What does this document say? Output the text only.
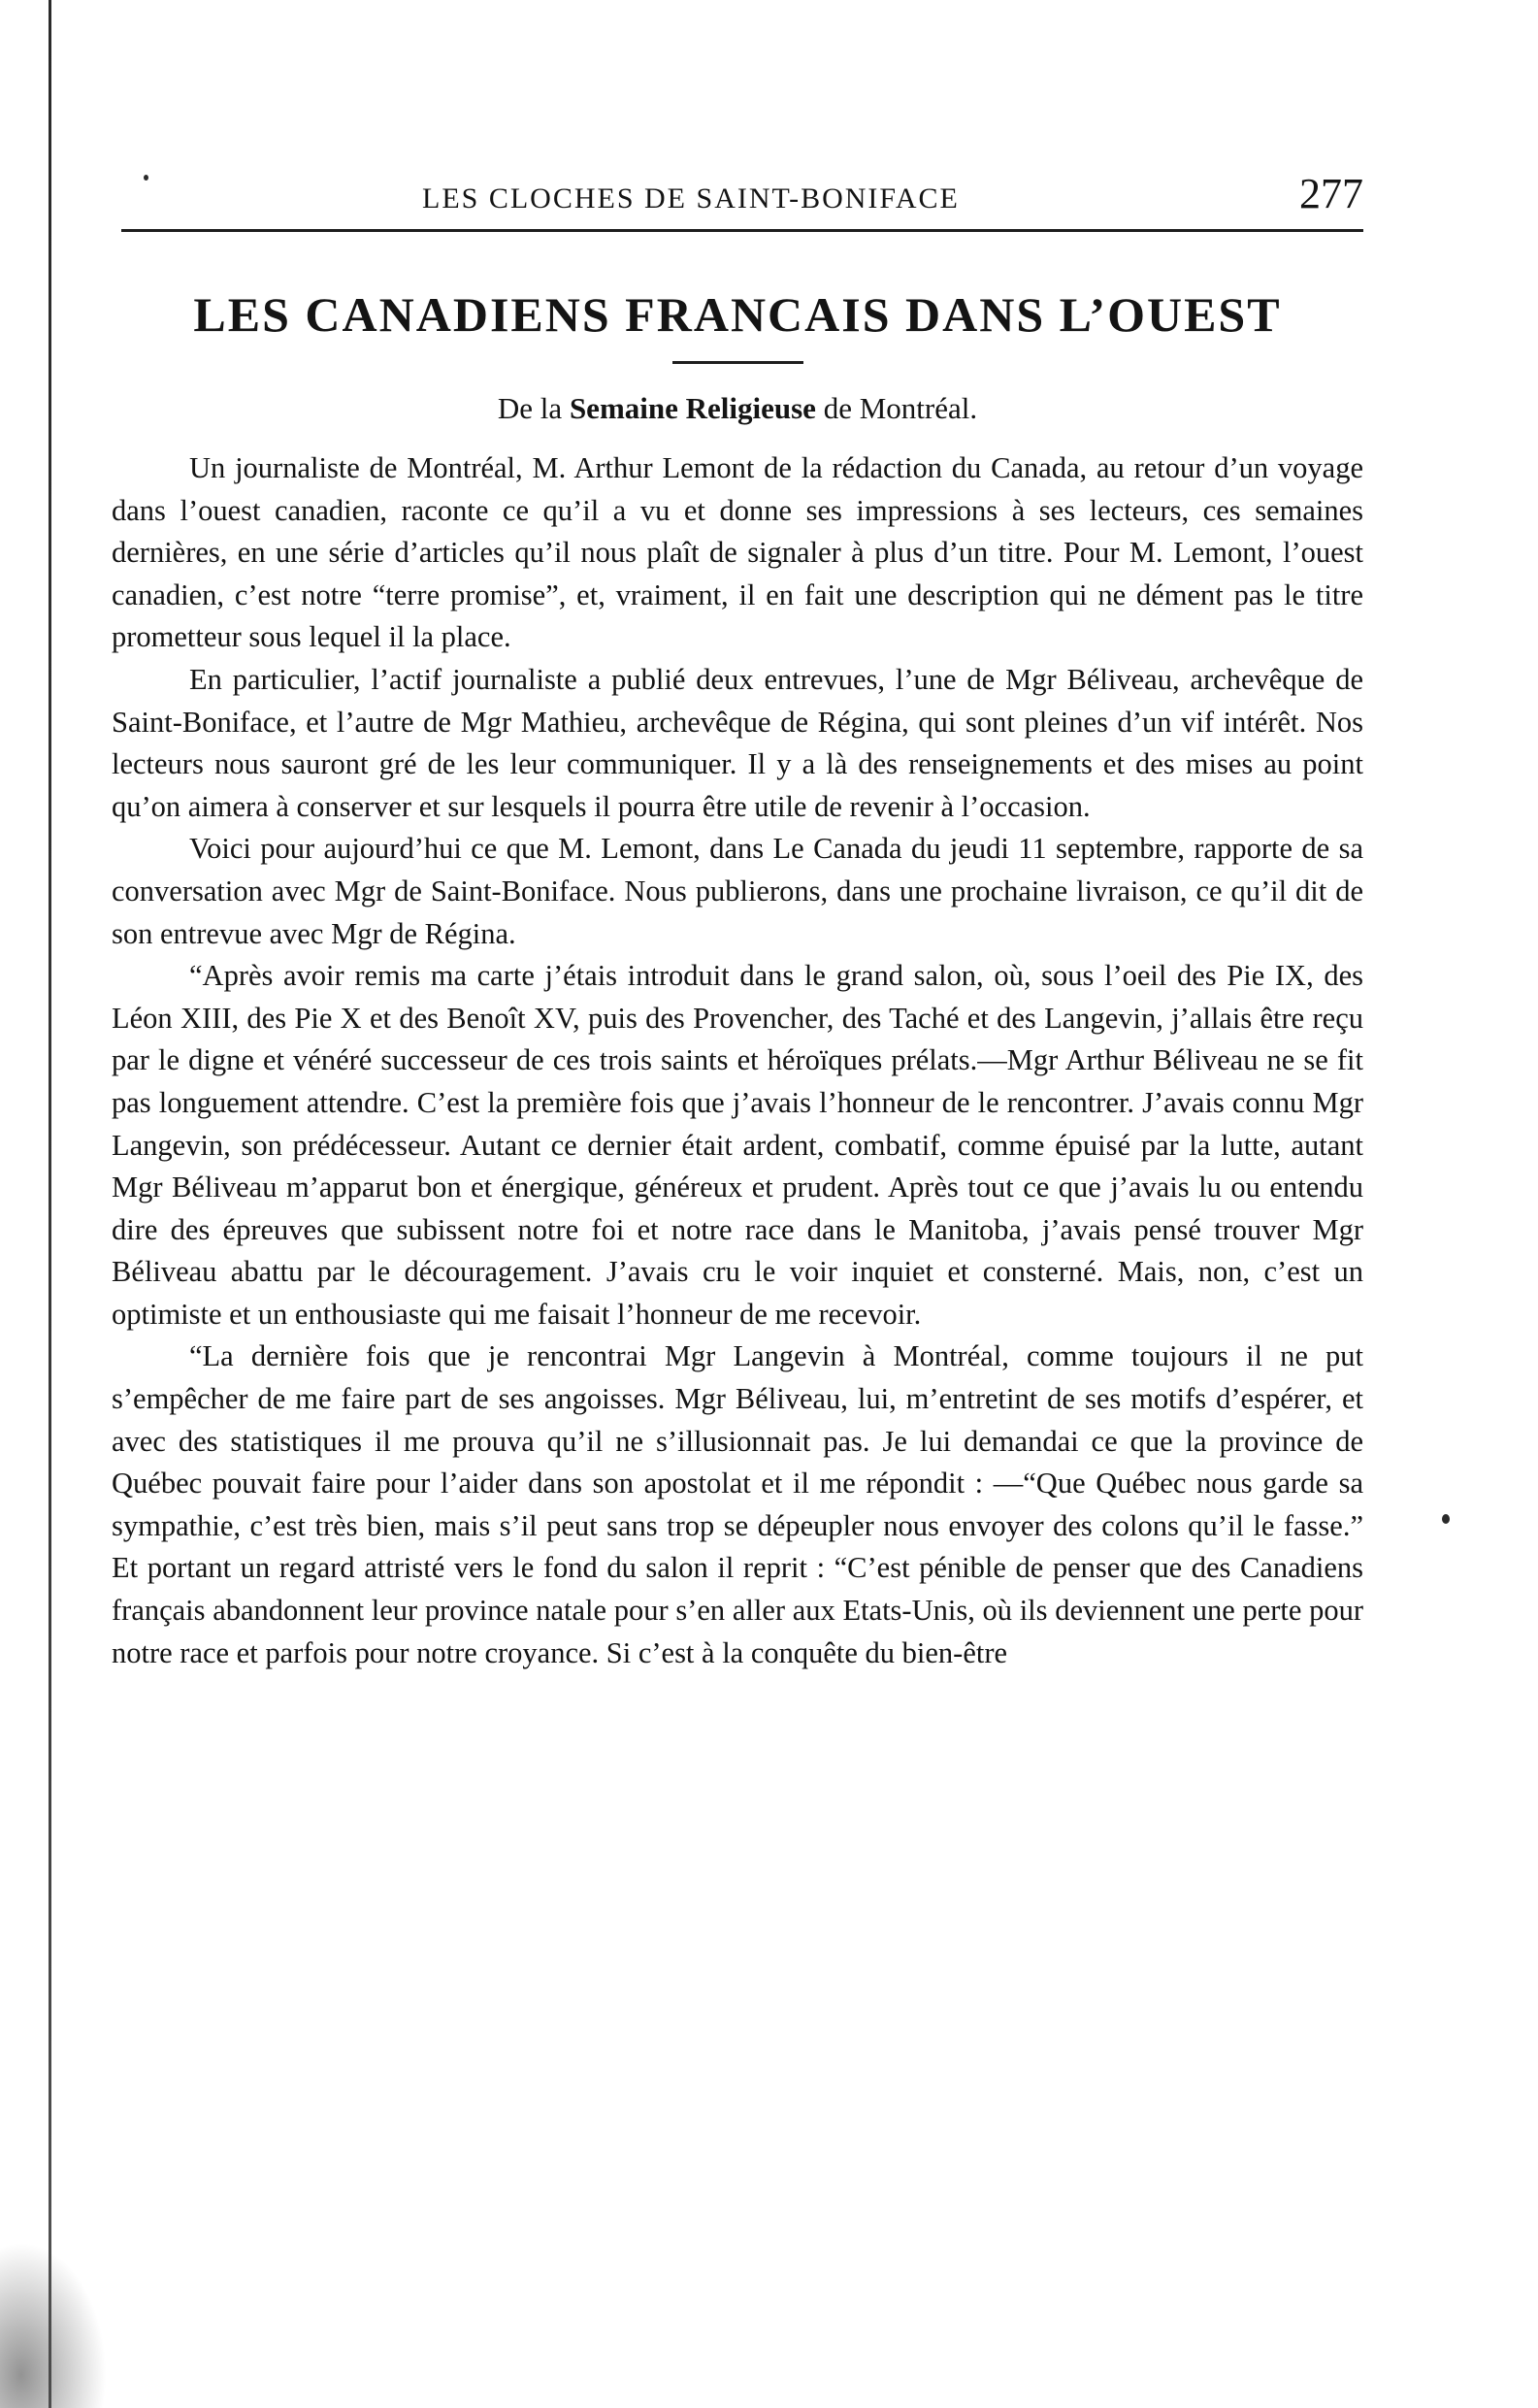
LES CLOCHES DE SAINT-BONIFACE	277
LES CANADIENS FRANCAIS DANS L’OUEST
De la Semaine Religieuse de Montréal.

Un journaliste de Montréal, M. Arthur Lemont de la rédaction du Canada, au retour d’un voyage dans l’ouest canadien, raconte ce qu’il a vu et donne ses impressions à ses lecteurs, ces semaines dernières, en une série d’articles qu’il nous plaît de signaler à plus d’un titre. Pour M. Lemont, l’ouest canadien, c’est notre “terre promise”, et, vraiment, il en fait une description qui ne dément pas le titre prometteur sous lequel il la place.

En particulier, l’actif journaliste a publié deux entrevues, l’une de Mgr Béliveau, archevêque de Saint-Boniface, et l’autre de Mgr Mathieu, archevêque de Régina, qui sont pleines d’un vif intérêt. Nos lecteurs nous sauront gré de les leur communiquer. Il y a là des renseignements et des mises au point qu’on aimera à conserver et sur lesquels il pourra être utile de revenir à l’occasion.

Voici pour aujourd’hui ce que M. Lemont, dans Le Canada du jeudi 11 septembre, rapporte de sa conversation avec Mgr de Saint-Boniface. Nous publierons, dans une prochaine livraison, ce qu’il dit de son entrevue avec Mgr de Régina.

“Après avoir remis ma carte j’étais introduit dans le grand salon, où, sous l’oeil des Pie IX, des Léon XIII, des Pie X et des Benoît XV, puis des Provencher, des Taché et des Langevin, j’allais être reçu par le digne et vénéré successeur de ces trois saints et héroïques prélats.—Mgr Arthur Béliveau ne se fit pas longuement attendre. C’est la première fois que j’avais l’honneur de le rencontrer. J’avais connu Mgr Langevin, son prédécesseur. Autant ce dernier était ardent, combatif, comme épuisé par la lutte, autant Mgr Béliveau m’apparut bon et énergique, généreux et prudent. Après tout ce que j’avais lu ou entendu dire des épreuves que subissent notre foi et notre race dans le Manitoba, j’avais pensé trouver Mgr Béliveau abattu par le découragement. J’avais cru le voir inquiet et consterné. Mais, non, c’est un optimiste et un enthousiaste qui me faisait l’honneur de me recevoir.

“La dernière fois que je rencontrai Mgr Langevin à Montréal, comme toujours il ne put s’empêcher de me faire part de ses angoisses. Mgr Béliveau, lui, m’entretint de ses motifs d’espérer, et avec des statistiques il me prouva qu’il ne s’illusionnait pas. Je lui demandai ce que la province de Québec pouvait faire pour l’aider dans son apostolat et il me répondit : —“Que Québec nous garde sa sympathie, c’est très bien, mais s’il peut sans trop se dépeupler nous envoyer des colons qu’il le fasse.” Et portant un regard attristé vers le fond du salon il reprit : “C’est pénible de penser que des Canadiens français abandonnent leur province natale pour s’en aller aux Etats-Unis, où ils deviennent une perte pour notre race et parfois pour notre croyance. Si c’est à la conquête du bien-être
